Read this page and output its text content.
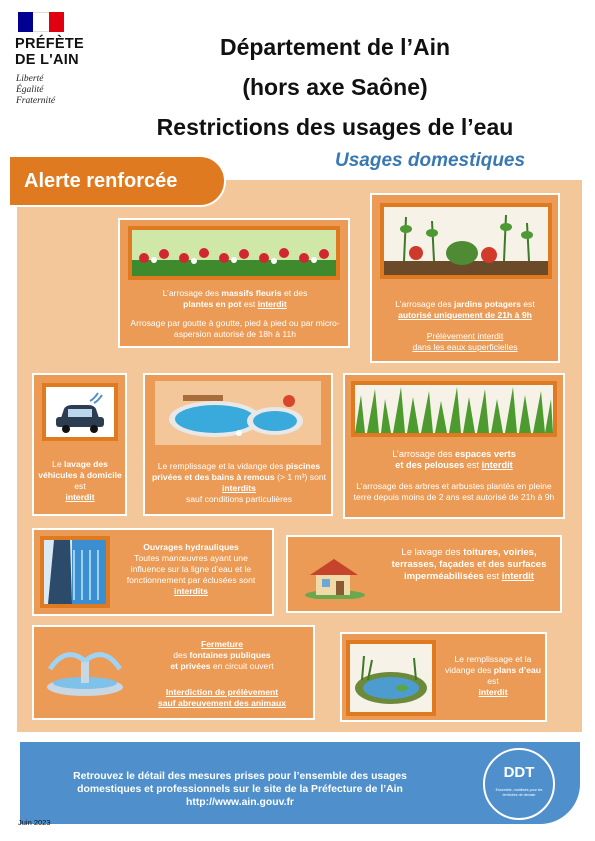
PRÉFÈTE
DE L'AIN
Liberté
Égalité
Fraternité
Département de l’Ain
(hors axe Saône)
Restrictions des usages de l’eau
Alerte renforcée
Usages domestiques

L’arrosage des massifs fleuris et des
plantes en pot est interdit

Arrosage par goutte à goutte, pied à pied ou par micro-aspersion autorisé de 18h à 11h

L’arrosage des jardins potagers est
autorisé uniquement de 21h à 9h

Prélèvement interdit
dans les eaux superficielles

Le lavage des véhicules à domicile est
interdit

Le remplissage et la vidange des piscines privées et des bains à remous (> 1 m³) sont interdits
sauf conditions particulières

L’arrosage des espaces verts
et des pelouses est interdit

L’arrosage des arbres et arbustes plantés en pleine terre depuis moins de 2 ans est autorisé de 21h à 9h

Ouvrages hydrauliques
Toutes manœuvres ayant une influence sur la ligne d’eau et le fonctionnement par éclusées sont interdits

Le lavage des toitures, voiries, terrasses, façades et des surfaces imperméabilisées est interdit

Fermeture
des fontaines publiques
et privées en circuit ouvert

Interdiction de prélèvement
sauf abreuvement des animaux

Le remplissage et la vidange des plans d’eau est
interdit

Retrouvez le détail des mesures prises pour l’ensemble des usages domestiques et professionnels sur le site de la Préfecture de l’Ain
http://www.ain.gouv.fr
DDT
Ensemble, mobilisés pour les territoires de demain
Juin 2023
